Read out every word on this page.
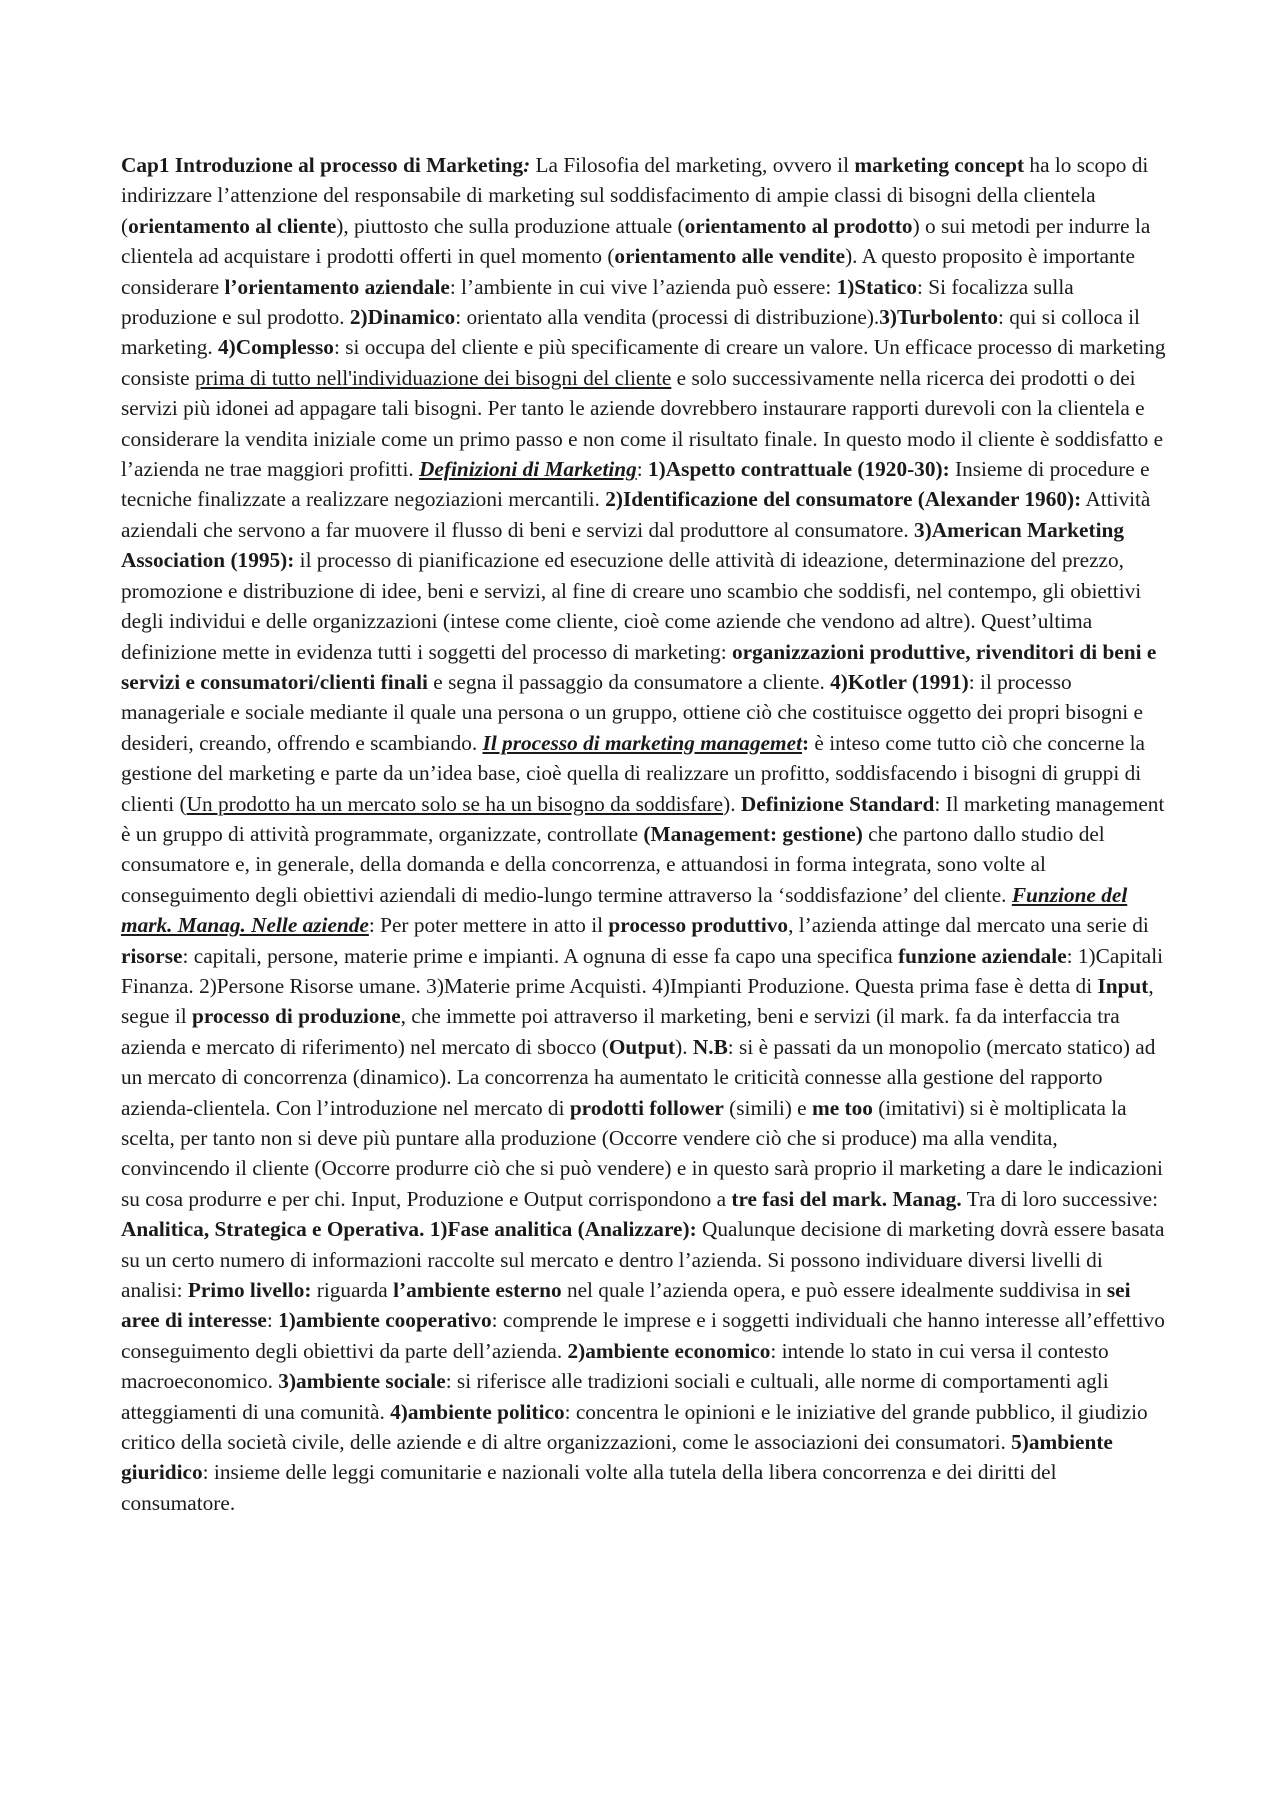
Cap1 Introduzione al processo di Marketing: La Filosofia del marketing, ovvero il marketing concept ha lo scopo di indirizzare l’attenzione del responsabile di marketing sul soddisfacimento di ampie classi di bisogni della clientela (orientamento al cliente), piuttosto che sulla produzione attuale (orientamento al prodotto) o sui metodi per indurre la clientela ad acquistare i prodotti offerti in quel momento (orientamento alle vendite). A questo proposito è importante considerare l’orientamento aziendale: l’ambiente in cui vive l’azienda può essere: 1)Statico: Si focalizza sulla produzione e sul prodotto. 2)Dinamico: orientato alla vendita (processi di distribuzione).3)Turbolento: qui si colloca il marketing. 4)Complesso: si occupa del cliente e più specificamente di creare un valore. Un efficace processo di marketing consiste prima di tutto nell'individuazione dei bisogni del cliente e solo successivamente nella ricerca dei prodotti o dei servizi più idonei ad appagare tali bisogni. Per tanto le aziende dovrebbero instaurare rapporti durevoli con la clientela e considerare la vendita iniziale come un primo passo e non come il risultato finale. In questo modo il cliente è soddisfatto e l’azienda ne trae maggiori profitti. Definizioni di Marketing: 1)Aspetto contrattuale (1920-30): Insieme di procedure e tecniche finalizzate a realizzare negoziazioni mercantili. 2)Identificazione del consumatore (Alexander 1960): Attività aziendali che servono a far muovere il flusso di beni e servizi dal produttore al consumatore. 3)American Marketing Association (1995): il processo di pianificazione ed esecuzione delle attività di ideazione, determinazione del prezzo, promozione e distribuzione di idee, beni e servizi, al fine di creare uno scambio che soddisfi, nel contempo, gli obiettivi degli individui e delle organizzazioni (intese come cliente, cioè come aziende che vendono ad altre). Quest’ultima definizione mette in evidenza tutti i soggetti del processo di marketing: organizzazioni produttive, rivenditori di beni e servizi e consumatori/clienti finali e segna il passaggio da consumatore a cliente. 4)Kotler (1991): il processo manageriale e sociale mediante il quale una persona o un gruppo, ottiene ciò che costituisce oggetto dei propri bisogni e desideri, creando, offrendo e scambiando. Il processo di marketing managemet: è inteso come tutto ciò che concerne la gestione del marketing e parte da un’idea base, cioè quella di realizzare un profitto, soddisfacendo i bisogni di gruppi di clienti (Un prodotto ha un mercato solo se ha un bisogno da soddisfare). Definizione Standard: Il marketing management è un gruppo di attività programmate, organizzate, controllate (Management: gestione) che partono dallo studio del consumatore e, in generale, della domanda e della concorrenza, e attuandosi in forma integrata, sono volte al conseguimento degli obiettivi aziendali di medio-lungo termine attraverso la ‘soddisfazione’ del cliente. Funzione del mark. Manag. Nelle aziende: Per poter mettere in atto il processo produttivo, l’azienda attinge dal mercato una serie di risorse: capitali, persone, materie prime e impianti. A ognuna di esse fa capo una specifica funzione aziendale: 1)Capitali Finanza. 2)Persone Risorse umane. 3)Materie prime Acquisti. 4)Impianti Produzione. Questa prima fase è detta di Input, segue il processo di produzione, che immette poi attraverso il marketing, beni e servizi (il mark. fa da interfaccia tra azienda e mercato di riferimento) nel mercato di sbocco (Output). N.B: si è passati da un monopolio (mercato statico) ad un mercato di concorrenza (dinamico). La concorrenza ha aumentato le criticità connesse alla gestione del rapporto azienda-clientela. Con l’introduzione nel mercato di prodotti follower (simili) e me too (imitativi) si è moltiplicata la scelta, per tanto non si deve più puntare alla produzione (Occorre vendere ciò che si produce) ma alla vendita, convincendo il cliente (Occorre produrre ciò che si può vendere) e in questo sarà proprio il marketing a dare le indicazioni su cosa produrre e per chi. Input, Produzione e Output corrispondono a tre fasi del mark. Manag. Tra di loro successive: Analitica, Strategica e Operativa. 1)Fase analitica (Analizzare): Qualunque decisione di marketing dovrà essere basata su un certo numero di informazioni raccolte sul mercato e dentro l’azienda. Si possono individuare diversi livelli di analisi: Primo livello: riguarda l’ambiente esterno nel quale l’azienda opera, e può essere idealmente suddivisa in sei aree di interesse: 1)ambiente cooperativo: comprende le imprese e i soggetti individuali che hanno interesse all’effettivo conseguimento degli obiettivi da parte dell’azienda. 2)ambiente economico: intende lo stato in cui versa il contesto macroeconomico. 3)ambiente sociale: si riferisce alle tradizioni sociali e cultuali, alle norme di comportamenti agli atteggiamenti di una comunità. 4)ambiente politico: concentra le opinioni e le iniziative del grande pubblico, il giudizio critico della società civile, delle aziende e di altre organizzazioni, come le associazioni dei consumatori. 5)ambiente giuridico: insieme delle leggi comunitarie e nazionali volte alla tutela della libera concorrenza e dei diritti del consumatore.
